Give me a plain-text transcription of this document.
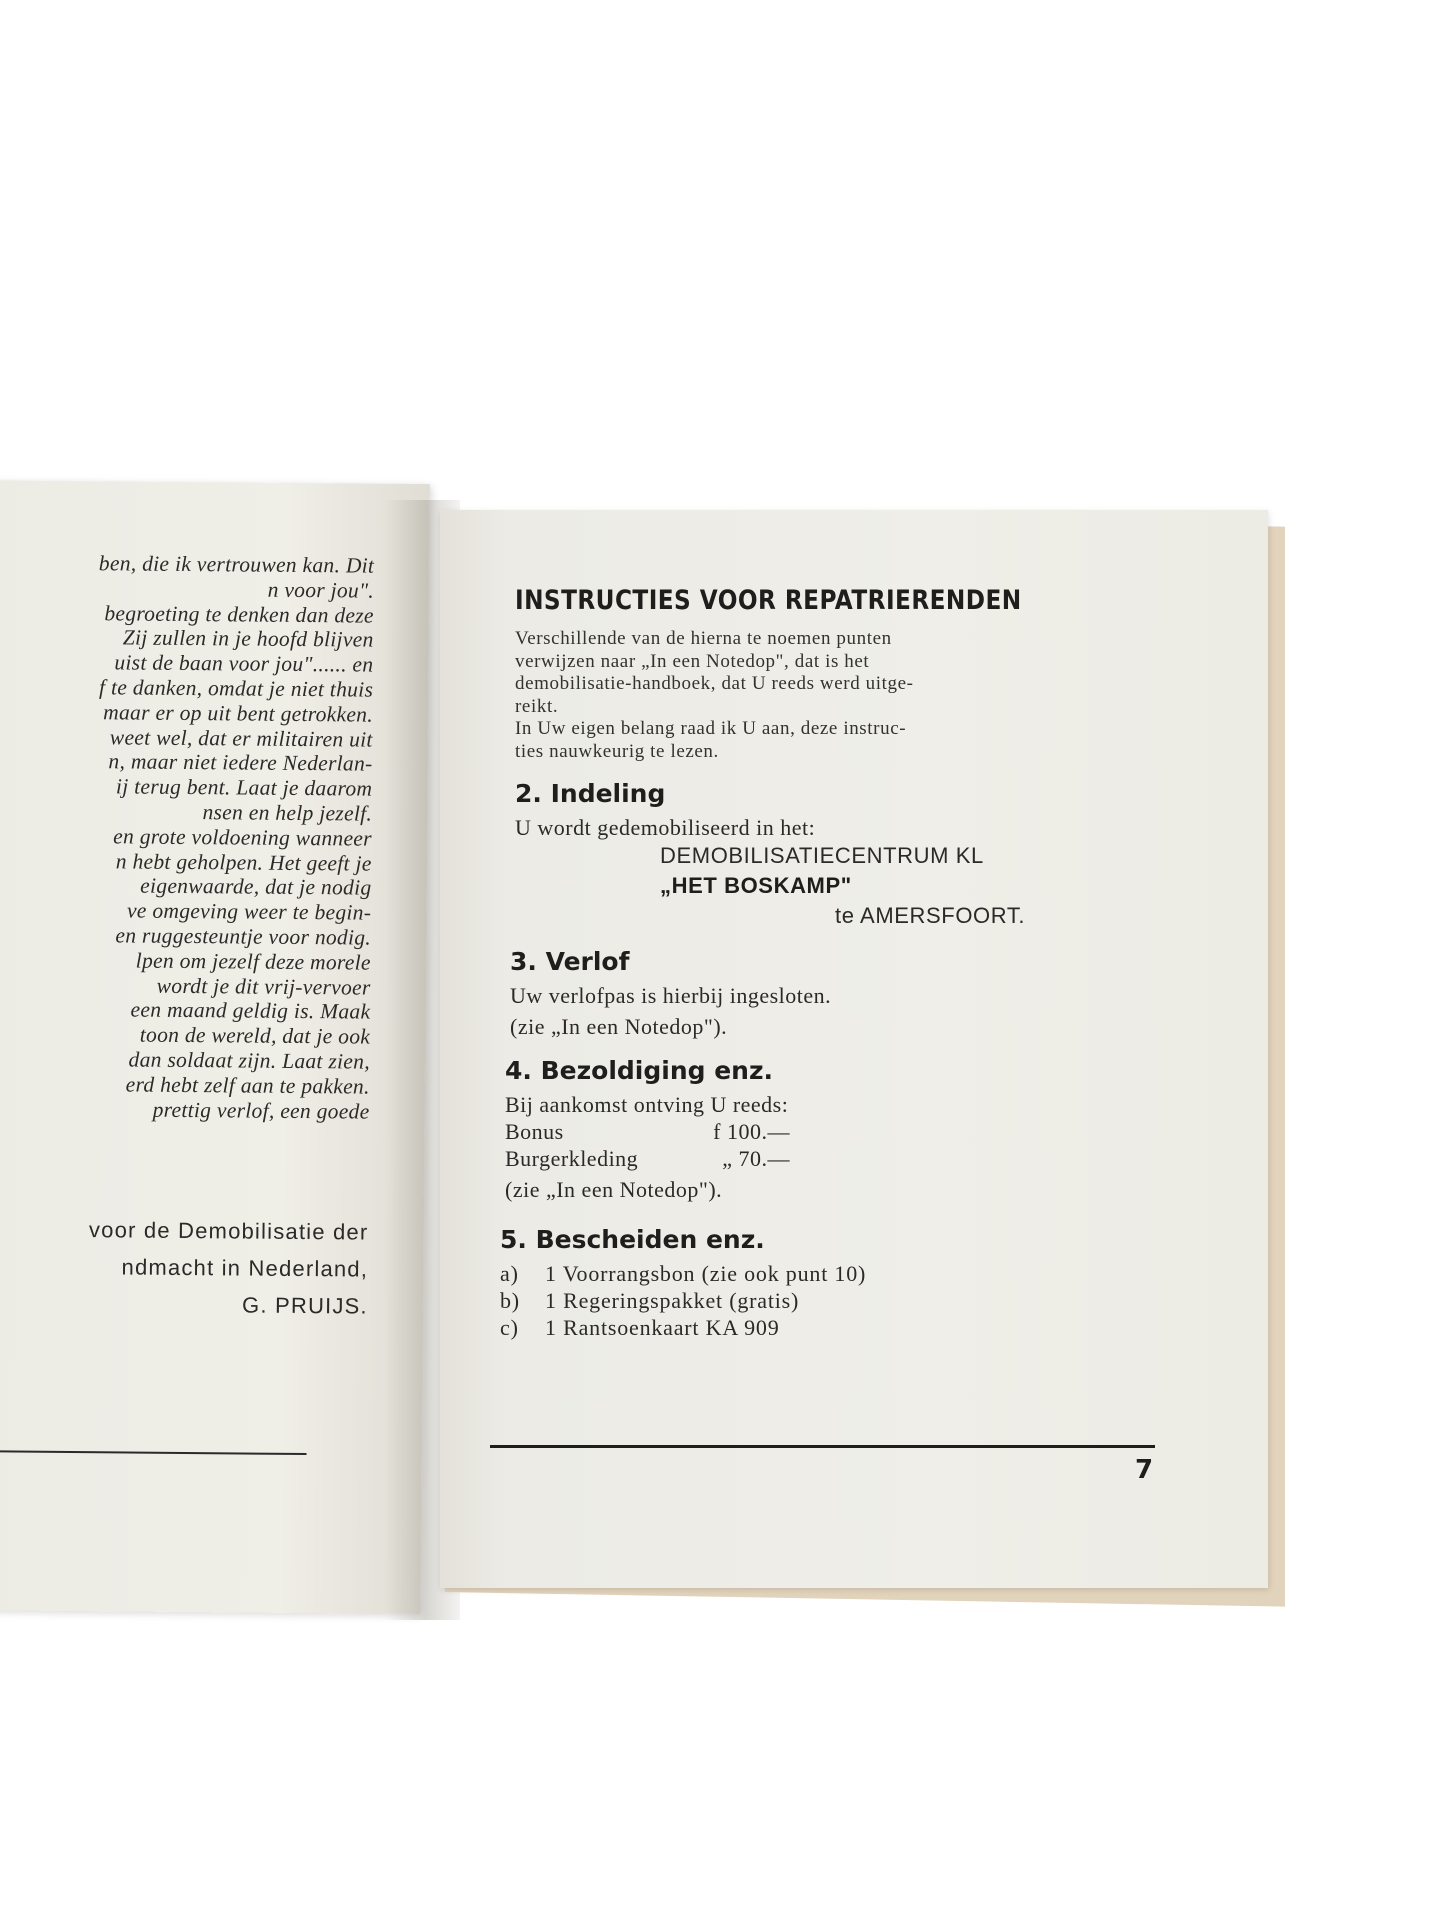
ben, die ik vertrouwen kan. Dit
n voor jou".
begroeting te denken dan deze
Zij zullen in je hoofd blijven
uist de baan voor jou"...... en
f te danken, omdat je niet thuis
maar er op uit bent getrokken.
weet wel, dat er militairen uit
n, maar niet iedere Nederlan-
ij terug bent. Laat je daarom
nsen en help jezelf.
en grote voldoening wanneer
n hebt geholpen. Het geeft je
eigenwaarde, dat je nodig
ve omgeving weer te begin-
en ruggesteuntje voor nodig.
lpen om jezelf deze morele
wordt je dit vrij-vervoer
een maand geldig is. Maak
toon de wereld, dat je ook
dan soldaat zijn. Laat zien,
erd hebt zelf aan te pakken.
prettig verlof, een goede
voor de Demobilisatie der
ndmacht in Nederland,
G. PRUIJS.
INSTRUCTIES VOOR REPATRIERENDEN
Verschillende van de hierna te noemen punten
verwijzen naar „In een Notedop", dat is het
demobilisatie-handboek, dat U reeds werd uitge-
reikt.
In Uw eigen belang raad ik U aan, deze instruc-
ties nauwkeurig te lezen.
2. Indeling
U wordt gedemobiliseerd in het:
DEMOBILISATIECENTRUM KL
„HET BOSKAMP"
te AMERSFOORT.
3. Verlof
Uw verlofpas is hierbij ingesloten.
(zie „In een Notedop").
4. Bezoldiging enz.
Bij aankomst ontving U reeds:
Bonus	f 100.—
Burgerkleding	„ 70.—
(zie „In een Notedop").
5. Bescheiden enz.
a)	1 Voorrangsbon (zie ook punt 10)
b)	1 Regeringspakket (gratis)
c)	1 Rantsoenkaart KA 909
7
